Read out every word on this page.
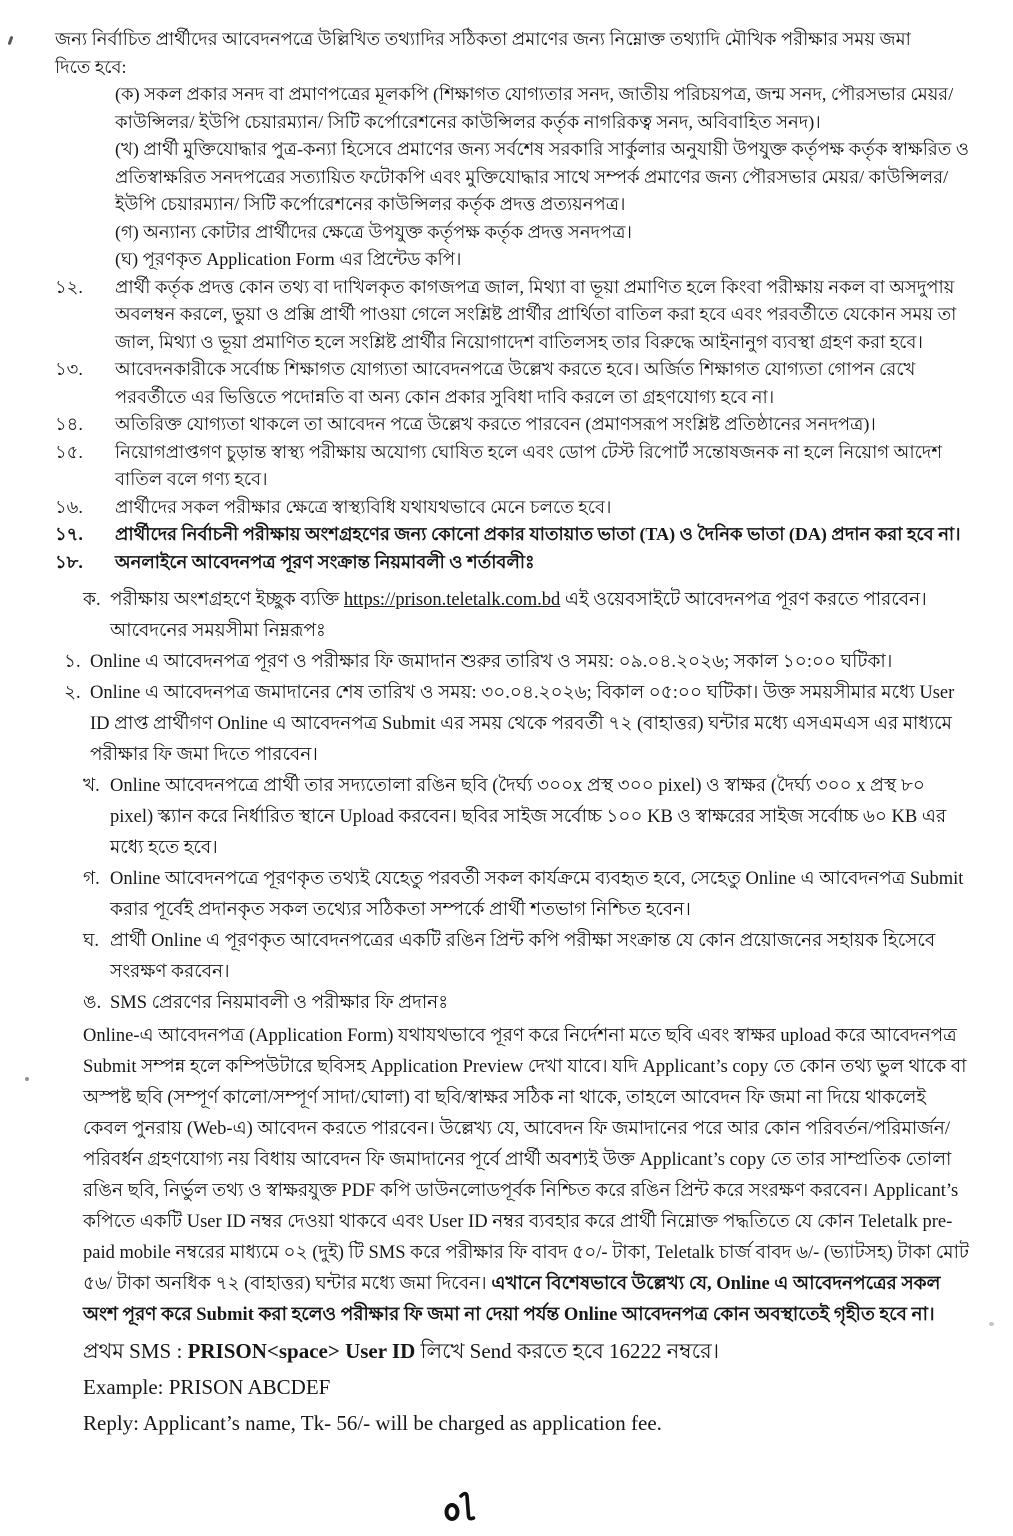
জন্য নির্বাচিত প্রার্থীদের আবেদনপত্রে উল্লিখিত তথ্যাদির সঠিকতা প্রমাণের জন্য নিম্নোক্ত তথ্যাদি মৌখিক পরীক্ষার সময় জমা দিতে হবে:

(ক) সকল প্রকার সনদ বা প্রমাণপত্রের মূলকপি (শিক্ষাগত যোগ্যতার সনদ, জাতীয় পরিচয়পত্র, জন্ম সনদ, পৌরসভার মেয়র/ কাউন্সিলর/ ইউপি চেয়ারম্যান/ সিটি কর্পোরেশনের কাউন্সিলর কর্তৃক নাগরিকত্ব সনদ, অবিবাহিত সনদ)।

(খ) প্রার্থী মুক্তিযোদ্ধার পুত্র-কন্যা হিসেবে প্রমাণের জন্য সর্বশেষ সরকারি সার্কুলার অনুযায়ী উপযুক্ত কর্তৃপক্ষ কর্তৃক স্বাক্ষরিত ও প্রতিস্বাক্ষরিত সনদপত্রের সত্যায়িত ফটোকপি এবং মুক্তিযোদ্ধার সাথে সম্পর্ক প্রমাণের জন্য পৌরসভার মেয়র/ কাউন্সিলর/ ইউপি চেয়ারম্যান/ সিটি কর্পোরেশনের কাউন্সিলর কর্তৃক প্রদত্ত প্রত্যয়নপত্র।

(গ) অন্যান্য কোটার প্রার্থীদের ক্ষেত্রে উপযুক্ত কর্তৃপক্ষ কর্তৃক প্রদত্ত সনদপত্র।

(ঘ) পূরণকৃত Application Form এর প্রিন্টেড কপি।

১২.	প্রার্থী কর্তৃক প্রদত্ত কোন তথ্য বা দাখিলকৃত কাগজপত্র জাল, মিথ্যা বা ভূয়া প্রমাণিত হলে কিংবা পরীক্ষায় নকল বা অসদুপায় অবলম্বন করলে, ভুয়া ও প্রক্সি প্রার্থী পাওয়া গেলে সংশ্লিষ্ট প্রার্থীর প্রার্থিতা বাতিল করা হবে এবং পরবর্তীতে যেকোন সময় তা জাল, মিথ্যা ও ভূয়া প্রমাণিত হলে সংশ্লিষ্ট প্রার্থীর নিয়োগাদেশ বাতিলসহ তার বিরুদ্ধে আইনানুগ ব্যবস্থা গ্রহণ করা হবে।

১৩.	আবেদনকারীকে সর্বোচ্চ শিক্ষাগত যোগ্যতা আবেদনপত্রে উল্লেখ করতে হবে। অর্জিত শিক্ষাগত যোগ্যতা গোপন রেখে পরবর্তীতে এর ভিত্তিতে পদোন্নতি বা অন্য কোন প্রকার সুবিধা দাবি করলে তা গ্রহণযোগ্য হবে না।

১৪.	অতিরিক্ত যোগ্যতা থাকলে তা আবেদন পত্রে উল্লেখ করতে পারবেন (প্রমাণসরূপ সংশ্লিষ্ট প্রতিষ্ঠানের সনদপত্র)।

১৫.	নিয়োগপ্রাপ্তগণ চুড়ান্ত স্বাস্থ্য পরীক্ষায় অযোগ্য ঘোষিত হলে এবং ডোপ টেস্ট রিপোর্ট সন্তোষজনক না হলে নিয়োগ আদেশ বাতিল বলে গণ্য হবে।

১৬.	প্রার্থীদের সকল পরীক্ষার ক্ষেত্রে স্বাস্থ্যবিধি যথাযথভাবে মেনে চলতে হবে।

১৭.	প্রার্থীদের নির্বাচনী পরীক্ষায় অংশগ্রহণের জন্য কোনো প্রকার যাতায়াত ভাতা (TA) ও দৈনিক ভাতা (DA) প্রদান করা হবে না।

১৮.	অনলাইনে আবেদনপত্র পূরণ সংক্রান্ত নিয়মাবলী ও শর্তাবলীঃ

ক. পরীক্ষায় অংশগ্রহণে ইচ্ছুক ব্যক্তি https://prison.teletalk.com.bd এই ওয়েবসাইটে আবেদনপত্র পূরণ করতে পারবেন। আবেদনের সময়সীমা নিম্নরূপঃ

১. Online এ আবেদনপত্র পূরণ ও পরীক্ষার ফি জমাদান শুরুর তারিখ ও সময়: ০৯.০৪.২০২৬; সকাল ১০:০০ ঘটিকা।

২. Online এ আবেদনপত্র জমাদানের শেষ তারিখ ও সময়: ৩০.০৪.২০২৬; বিকাল ০৫:০০ ঘটিকা। উক্ত সময়সীমার মধ্যে User ID প্রাপ্ত প্রার্থীগণ Online এ আবেদনপত্র Submit এর সময় থেকে পরবর্তী ৭২ (বাহাত্তর) ঘন্টার মধ্যে এসএমএস এর মাধ্যমে পরীক্ষার ফি জমা দিতে পারবেন।

খ. Online আবেদনপত্রে প্রার্থী তার সদ্যতোলা রঙিন ছবি (দৈর্ঘ্য ৩০০x প্রস্থ ৩০০ pixel) ও স্বাক্ষর (দৈর্ঘ্য ৩০০ x প্রস্থ ৮০ pixel) স্ক্যান করে নির্ধারিত স্থানে Upload করবেন। ছবির সাইজ সর্বোচ্চ ১০০ KB ও স্বাক্ষরের সাইজ সর্বোচ্চ ৬০ KB এর মধ্যে হতে হবে।

গ. Online আবেদনপত্রে পূরণকৃত তথ্যই যেহেতু পরবর্তী সকল কার্যক্রমে ব্যবহৃত হবে, সেহেতু Online এ আবেদনপত্র Submit করার পূর্বেই প্রদানকৃত সকল তথ্যের সঠিকতা সম্পর্কে প্রার্থী শতভাগ নিশ্চিত হবেন।

ঘ. প্রার্থী Online এ পূরণকৃত আবেদনপত্রের একটি রঙিন প্রিন্ট কপি পরীক্ষা সংক্রান্ত যে কোন প্রয়োজনের সহায়ক হিসেবে সংরক্ষণ করবেন।

ঙ. SMS প্রেরণের নিয়মাবলী ও পরীক্ষার ফি প্রদানঃ

Online-এ আবেদনপত্র (Application Form) যথাযথভাবে পূরণ করে নির্দেশনা মতে ছবি এবং স্বাক্ষর upload করে আবেদনপত্র Submit সম্পন্ন হলে কম্পিউটারে ছবিসহ Application Preview দেখা যাবে। যদি Applicant’s copy তে কোন তথ্য ভুল থাকে বা অস্পষ্ট ছবি (সম্পূর্ণ কালো/সম্পূর্ণ সাদা/ঘোলা) বা ছবি/স্বাক্ষর সঠিক না থাকে, তাহলে আবেদন ফি জমা না দিয়ে থাকলেই কেবল পুনরায় (Web-এ) আবেদন করতে পারবেন। উল্লেখ্য যে, আবেদন ফি জমাদানের পরে আর কোন পরিবর্তন/পরিমার্জন/পরিবর্ধন গ্রহণযোগ্য নয় বিধায় আবেদন ফি জমাদানের পূর্বে প্রার্থী অবশ্যই উক্ত Applicant’s copy তে তার সাম্প্রতিক তোলা রঙিন ছবি, নির্ভুল তথ্য ও স্বাক্ষরযুক্ত PDF কপি ডাউনলোডপূর্বক নিশ্চিত করে রঙিন প্রিন্ট করে সংরক্ষণ করবেন। Applicant’s কপিতে একটি User ID নম্বর দেওয়া থাকবে এবং User ID নম্বর ব্যবহার করে প্রার্থী নিম্নোক্ত পদ্ধতিতে যে কোন Teletalk pre-paid mobile নম্বরের মাধ্যমে ০২ (দুই) টি SMS করে পরীক্ষার ফি বাবদ ৫০/- টাকা, Teletalk চার্জ বাবদ ৬/- (ভ্যাটসহ) টাকা মোট ৫৬/ টাকা অনধিক ৭২ (বাহাত্তর) ঘন্টার মধ্যে জমা দিবেন। এখানে বিশেষভাবে উল্লেখ্য যে, Online এ আবেদনপত্রের সকল অংশ পূরণ করে Submit করা হলেও পরীক্ষার ফি জমা না দেয়া পর্যন্ত Online আবেদনপত্র কোন অবস্থাতেই গৃহীত হবে না।

প্রথম SMS : PRISON<space> User ID লিখে Send করতে হবে 16222 নম্বরে।

Example: PRISON ABCDEF

Reply: Applicant’s name, Tk- 56/- will be charged as application fee.
